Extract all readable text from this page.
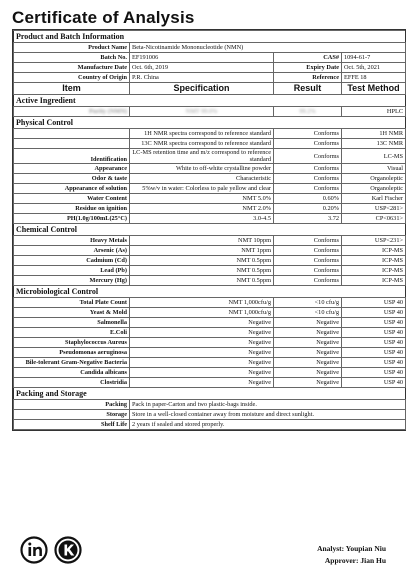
Certificate of Analysis
Product and Batch Information			
Product Name	Beta-Nicotinamide Mononucleotide (NMN)		
Batch No.	EF191006	CAS#	1094-61-7
Manufacture Date	Oct. 6th, 2019	Expiry Date	Oct. 5th, 2021
Country of Origin	P.R. China	Reference	EFFE 18
Item	Specification	Result	Test Method
Active Ingredient			
Purity (NMN)	NMT 99.0%	99.2%	HPLC
Physical Control			
	1H NMR spectra correspond to reference standard	Conforms	1H NMR
	13C NMR spectra correspond to reference standard	Conforms	13C NMR
Identification	LC-MS retention time and m/z correspond to reference standard	Conforms	LC-MS
Appearance	White to off-white crystalline powder	Conforms	Visual
Odor & taste	Characteristic	Conforms	Organoleptic
Appearance of solution	5%w/v in water: Colorless to pale yellow and clear	Conforms	Organoleptic
Water Content	NMT 5.0%	0.60%	Karl Fischer
Residue on ignition	NMT 2.0%	0.20%	USP<281>
PH(1.0g/100mL(25°C)	3.0-4.5	3.72	CP<0631>
Chemical Control			
Heavy Metals	NMT 10ppm	Conforms	USP<231>
Arsenic (As)	NMT 1ppm	Conforms	ICP-MS
Cadmium (Cd)	NMT 0.5ppm	Conforms	ICP-MS
Lead (Pb)	NMT 0.5ppm	Conforms	ICP-MS
Mercury (Hg)	NMT 0.5ppm	Conforms	ICP-MS
Microbiological Control			
Total Plate Count	NMT 1,000cfu/g	<10 cfu/g	USP 40
Yeast & Mold	NMT 1,000cfu/g	<10 cfu/g	USP 40
Salmonella	Negative	Negative	USP 40
E.Coli	Negative	Negative	USP 40
Staphylococcus Aureus	Negative	Negative	USP 40
Pseudomonas aeruginosa	Negative	Negative	USP 40
Bile-tolerant Gram-Negative Bacteria	Negative	Negative	USP 40
Candida albicans	Negative	Negative	USP 40
Clostridia	Negative	Negative	USP 40
Packing and Storage			
Packing	Pack in paper-Carton and two plastic-bags inside.		
Storage	Store in a well-closed container away from moisture and direct sunlight.		
Shelf Life	2 years if sealed and stored properly.		
Analyst: Youpian Niu
Approver: Jian Hu
